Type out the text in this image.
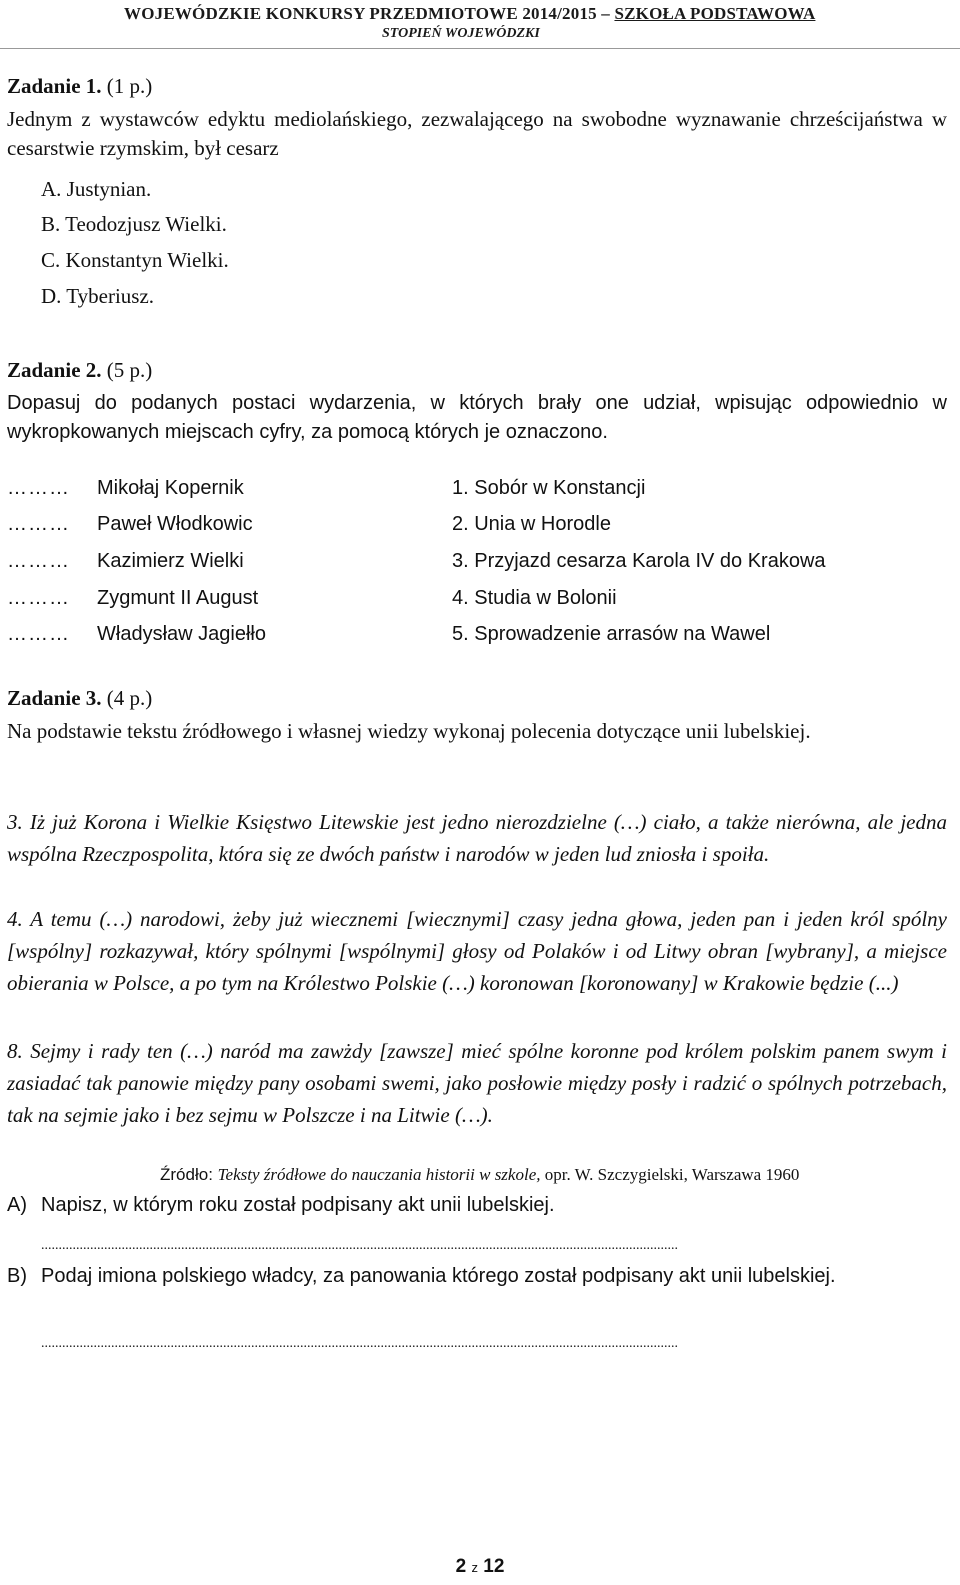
WOJEWÓDZKIE KONKURSY PRZEDMIOTOWE 2014/2015 – SZKOŁA PODSTAWOWA
STOPIEŃ WOJEWÓDZKI
Zadanie 1. (1 p.)
Jednym z wystawców edyktu mediolańskiego, zezwalającego na swobodne wyznawanie chrześcijaństwa w cesarstwie rzymskim, był cesarz
A. Justynian.
B. Teodozjusz Wielki.
C. Konstantyn Wielki.
D. Tyberiusz.
Zadanie 2. (5 p.)
Dopasuj do podanych postaci wydarzenia, w których brały one udział, wpisując odpowiednio w wykropkowanych miejscach cyfry, za pomocą których je oznaczono.
……… Mikołaj Kopernik
……… Paweł Włodkowic
……… Kazimierz Wielki
……… Zygmunt II August
……… Władysław Jagiełło
1. Sobór w Konstancji
2. Unia w Horodle
3. Przyjazd cesarza Karola IV do Krakowa
4. Studia w Bolonii
5. Sprowadzenie arrasów na Wawel
Zadanie 3. (4 p.)
Na podstawie tekstu źródłowego i własnej wiedzy wykonaj polecenia dotyczące unii lubelskiej.
3. Iż już Korona i Wielkie Księstwo Litewskie jest jedno nierozdzielne (…) ciało, a także nierówna, ale jedna wspólna Rzeczpospolita, która się ze dwóch państw i narodów w jeden lud zniosła i spoiła.
4. A temu (…) narodowi, żeby już wiecznemi [wiecznymi] czasy jedna głowa, jeden pan i jeden król spólny [wspólny] rozkazywał, który spólnymi [wspólnymi] głosy od Polaków i od Litwy obran [wybrany], a miejsce obierania w Polsce, a po tym na Królestwo Polskie (…) koronowan [koronowany] w Krakowie będzie (...)
8. Sejmy i rady ten (…) naród ma zawżdy [zawsze] mieć spólne koronne pod królem polskim panem swym i zasiadać tak panowie między pany osobami swemi, jako posłowie między posły i radzić o spólnych potrzebach, tak na sejmie jako i bez sejmu w Polszcze i na Litwie (…).
Źródło: Teksty źródłowe do nauczania historii w szkole, opr. W. Szczygielski, Warszawa 1960
A) Napisz, w którym roku został podpisany akt unii lubelskiej.
......................................................................................................................................................................................
B) Podaj imiona polskiego władcy, za panowania którego został podpisany akt unii lubelskiej.
......................................................................................................................................................................................
2 z 12
